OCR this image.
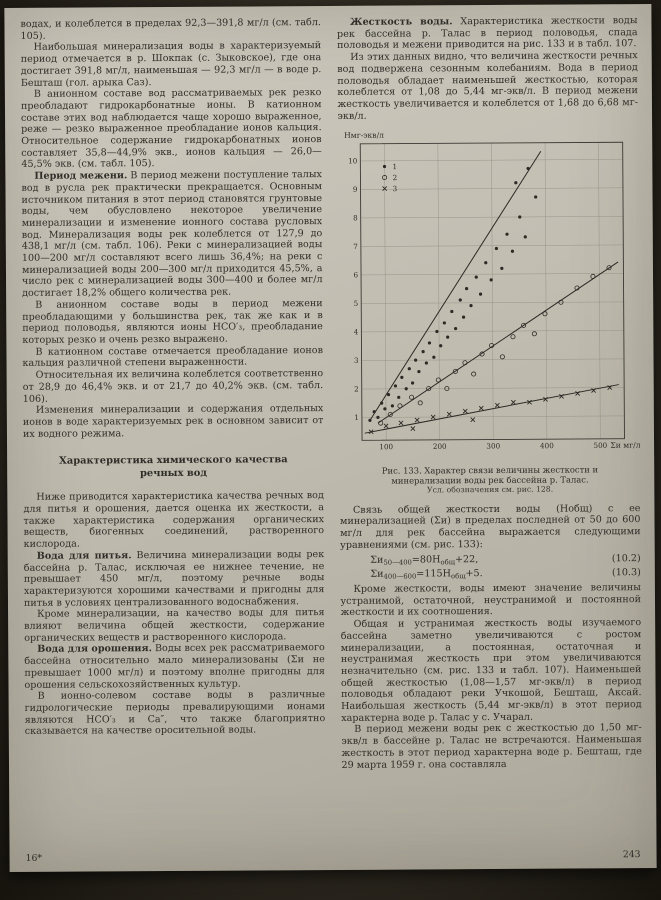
водах, и колеблется в пределах 92,3—391,8 мг/л (см. табл. 105).

Наибольшая минерализация воды в характеризуемый период отмечается в р. Шокпак (с. Зыковское), где она достигает 391,8 мг/л, наименьшая — 92,3 мг/л — в воде р. Бешташ (гол. арыка Саз).

В анионном составе вод рассматриваемых рек резко преобладают гидрокарбонатные ионы. В катионном составе этих вод наблюдается чаще хорошо выраженное, реже — резко выраженное преобладание ионов кальция. Относительное содержание гидрокарбонатных ионов составляет 35,8—44,9% экв., ионов кальция — 26,0—45,5% экв. (см. табл. 105).

Период межени. В период межени поступление талых вод в русла рек практически прекращается. Основным источником питания в этот период становятся грунтовые воды, чем обусловлено некоторое увеличение минерализации и изменение ионного состава русловых вод. Минерализация воды рек колеблется от 127,9 до 438,1 мг/л (см. табл. 106). Реки с минерализацией воды 100—200 мг/л составляют всего лишь 36,4%; на реки с минерализацией воды 200—300 мг/л приходится 45,5%, а число рек с минерализацией воды 300—400 и более мг/л достигает 18,2% общего количества рек.

В анионном составе воды в период межени преобладающими у большинства рек, так же как и в период половодья, являются ионы НСО′₃, преобладание которых резко и очень резко выражено.

В катионном составе отмечается преобладание ионов кальция различной степени выраженности.

Относительная их величина колеблется соответственно от 28,9 до 46,4% экв. и от 21,7 до 40,2% экв. (см. табл. 106).

Изменения минерализации и содержания отдельных ионов в воде характеризуемых рек в основном зависит от их водного режима.

Характеристика химического качества речных вод

Ниже приводится характеристика качества речных вод для питья и орошения, дается оценка их жесткости, а также характеристика содержания органических веществ, биогенных соединений, растворенного кислорода.

Вода для питья. Величина минерализации воды рек бассейна р. Талас, исключая ее нижнее течение, не превышает 450 мг/л, поэтому речные воды характеризуются хорошими качествами и пригодны для питья в условиях централизованного водоснабжения.

Кроме минерализации, на качество воды для питья влияют величина общей жесткости, содержание органических веществ и растворенного кислорода.

Вода для орошения. Воды всех рек рассматриваемого бассейна относительно мало минерализованы (Σи не превышает 1000 мг/л) и поэтому вполне пригодны для орошения сельскохозяйственных культур.

В ионно-солевом составе воды в различные гидрологические периоды превалирующими ионами являются НСО′₃ и Са″, что также благоприятно сказывается на качестве оросительной воды.

Жесткость воды. Характеристика жесткости воды рек бассейна р. Талас в период половодья, спада половодья и межени приводится на рис. 133 и в табл. 107.

Из этих данных видно, что величина жесткости речных вод подвержена сезонным колебаниям. Вода в период половодья обладает наименьшей жесткостью, которая колеблется от 1,08 до 5,44 мг-экв/л. В период межени жесткость увеличивается и колеблется от 1,68 до 6,68 мг-экв/л.

100	200	300	400	500
1
2
3
4
5
6
7
8
9
10
Нмг-экв/л
Σи мг/л
1
2
3
Рис. 133. Характер связи величины жесткости и минерализации воды рек бассейна р. Талас.
Усл. обозначения см. рис. 128.

Связь общей жесткости воды (Нобщ) с ее минерализацией (Σи) в пределах последней от 50 до 600 мг/л для рек бассейна выражается следующими уравнениями (см. рис. 133):

$\Sigma и_{50—400}=80Н_{общ}+22$,	(10.2)
$\Sigma и_{400—600}=115Н_{общ}+5$.	(10.3)

Кроме жесткости, воды имеют значение величины устранимой, остаточной, неустранимой и постоянной жесткости и их соотношения.

Общая и устранимая жесткость воды изучаемого бассейна заметно увеличиваются с ростом минерализации, а постоянная, остаточная и неустранимая жесткость при этом увеличиваются незначительно (см. рис. 133 и табл. 107). Наименьшей общей жесткостью (1,08—1,57 мг-экв/л) в период половодья обладают реки Учкошой, Бешташ, Аксай. Наибольшая жесткость (5,44 мг-экв/л) в этот период характерна воде р. Талас у с. Учарал.

В период межени воды рек с жесткостью до 1,50 мг-экв/л в бассейне р. Талас не встречаются. Наименьшая жесткость в этот период характерна воде р. Бешташ, где 29 марта 1959 г. она составляла

16*	243
